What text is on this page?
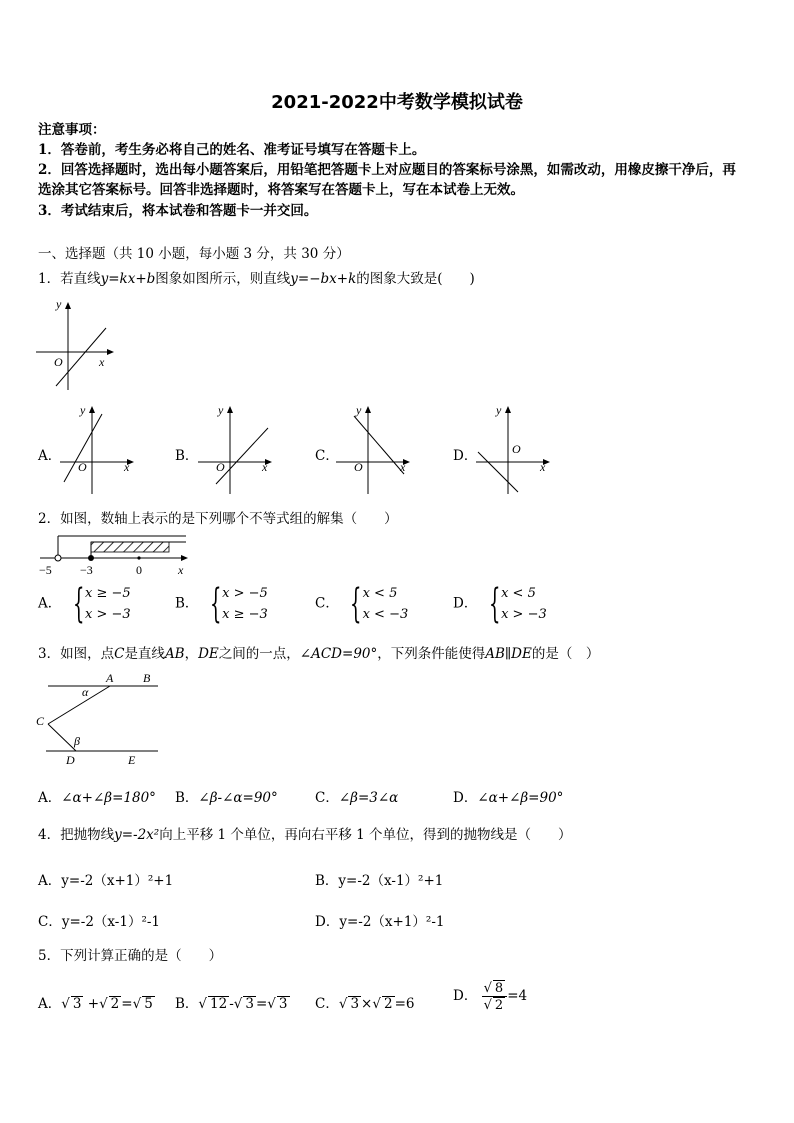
2021-2022中考数学模拟试卷
注意事项：
1．答卷前，考生务必将自己的姓名、准考证号填写在答题卡上。
2．回答选择题时，选出每小题答案后，用铅笔把答题卡上对应题目的答案标号涂黑，如需改动，用橡皮擦干净后，再
选涂其它答案标号。回答非选择题时，将答案写在答题卡上，写在本试卷上无效。
3．考试结束后，将本试卷和答题卡一并交回。
一、选择题（共 10 小题，每小题 3 分，共 30 分）
1．若直线y=kx+b图象如图所示，则直线y=−bx+k的图象大致是(　　)
y
x
O
A．
y
x
O
B．
y
x
O
C．
y
x
O
D．
y
x
O
2．如图，数轴上表示的是下列哪个不等式组的解集（　　）
−5 −3	0	x
A． { x ≥ −5
x > −3
B． { x > −5
x ≥ −3
C． { x < 5
x < −3
D． { x < 5
x > −3
3．如图，点C是直线AB，DE之间的一点，∠ACD=90°，下列条件能使得AB∥DE的是（　）
A B
C
D	E
α
β
A．∠α+∠β=180° B．∠β-∠α=90°	C．∠β=3∠α	D．∠α+∠β=90°
4．把抛物线y=-2x²向上平移 1 个单位，再向右平移 1 个单位，得到的抛物线是（　　）
A．y=-2（x+1）²+1	B．y=-2（x-1）²+1
C．y=-2（x-1）²-1	D．y=-2（x+1）²-1
5．下列计算正确的是（　　）
A．√ 3 +√ 2 =√ 5 B．√ 12 -√ 3 =√ 3 C．√ 3 ×√ 2 =6	D． $\frac{√ 8}{√ 2} =4$
